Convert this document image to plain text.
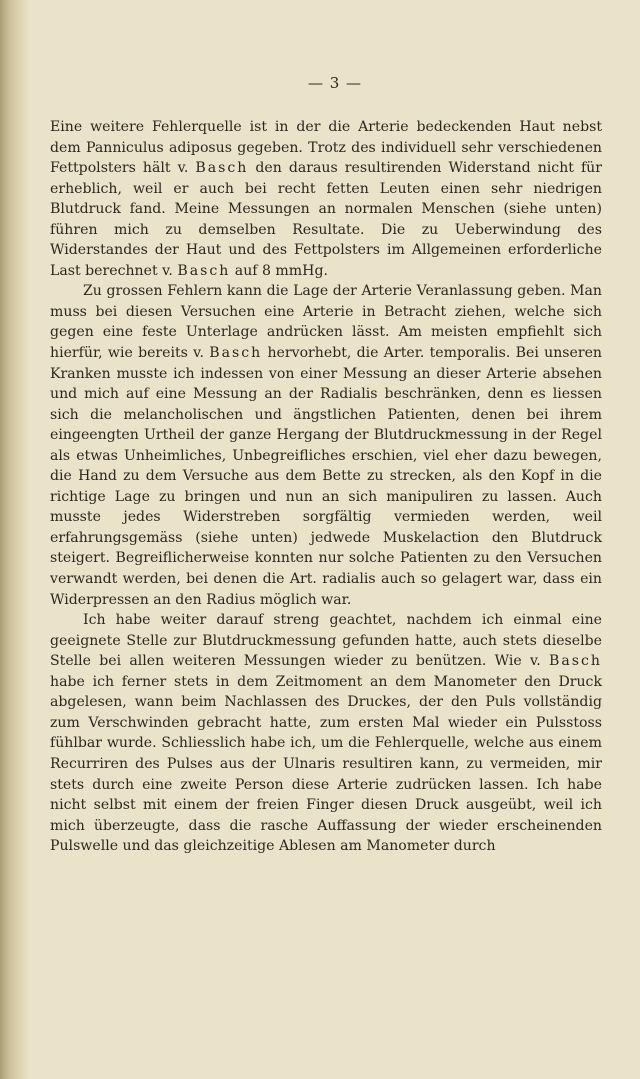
— 3 —

Eine weitere Fehlerquelle ist in der die Arterie bedeckenden Haut nebst dem Panniculus adiposus gegeben. Trotz des individuell sehr verschiedenen Fettpolsters hält v. Basch den daraus resultirenden Widerstand nicht für erheblich, weil er auch bei recht fetten Leuten einen sehr niedrigen Blutdruck fand. Meine Messungen an normalen Menschen (siehe unten) führen mich zu demselben Resultate. Die zu Ueberwindung des Widerstandes der Haut und des Fettpolsters im Allgemeinen erforderliche Last berechnet v. Basch auf 8 mmHg.

Zu grossen Fehlern kann die Lage der Arterie Veranlassung geben. Man muss bei diesen Versuchen eine Arterie in Betracht ziehen, welche sich gegen eine feste Unterlage andrücken lässt. Am meisten empfiehlt sich hierfür, wie bereits v. Basch hervorhebt, die Arter. temporalis. Bei unseren Kranken musste ich indessen von einer Messung an dieser Arterie absehen und mich auf eine Messung an der Radialis beschränken, denn es liessen sich die melancholischen und ängstlichen Patienten, denen bei ihrem eingeengten Urtheil der ganze Hergang der Blutdruckmessung in der Regel als etwas Unheimliches, Unbegreifliches erschien, viel eher dazu bewegen, die Hand zu dem Versuche aus dem Bette zu strecken, als den Kopf in die richtige Lage zu bringen und nun an sich manipuliren zu lassen. Auch musste jedes Widerstreben sorgfältig vermieden werden, weil erfahrungsgemäss (siehe unten) jedwede Muskelaction den Blutdruck steigert. Begreiflicherweise konnten nur solche Patienten zu den Versuchen verwandt werden, bei denen die Art. radialis auch so gelagert war, dass ein Widerpressen an den Radius möglich war.

Ich habe weiter darauf streng geachtet, nachdem ich einmal eine geeignete Stelle zur Blutdruckmessung gefunden hatte, auch stets dieselbe Stelle bei allen weiteren Messungen wieder zu benützen. Wie v. Basch habe ich ferner stets in dem Zeitmoment an dem Manometer den Druck abgelesen, wann beim Nachlassen des Druckes, der den Puls vollständig zum Verschwinden gebracht hatte, zum ersten Mal wieder ein Pulsstoss fühlbar wurde. Schliesslich habe ich, um die Fehlerquelle, welche aus einem Recurriren des Pulses aus der Ulnaris resultiren kann, zu vermeiden, mir stets durch eine zweite Person diese Arterie zudrücken lassen. Ich habe nicht selbst mit einem der freien Finger diesen Druck ausgeübt, weil ich mich überzeugte, dass die rasche Auffassung der wieder erscheinenden Pulswelle und das gleichzeitige Ablesen am Manometer durch
